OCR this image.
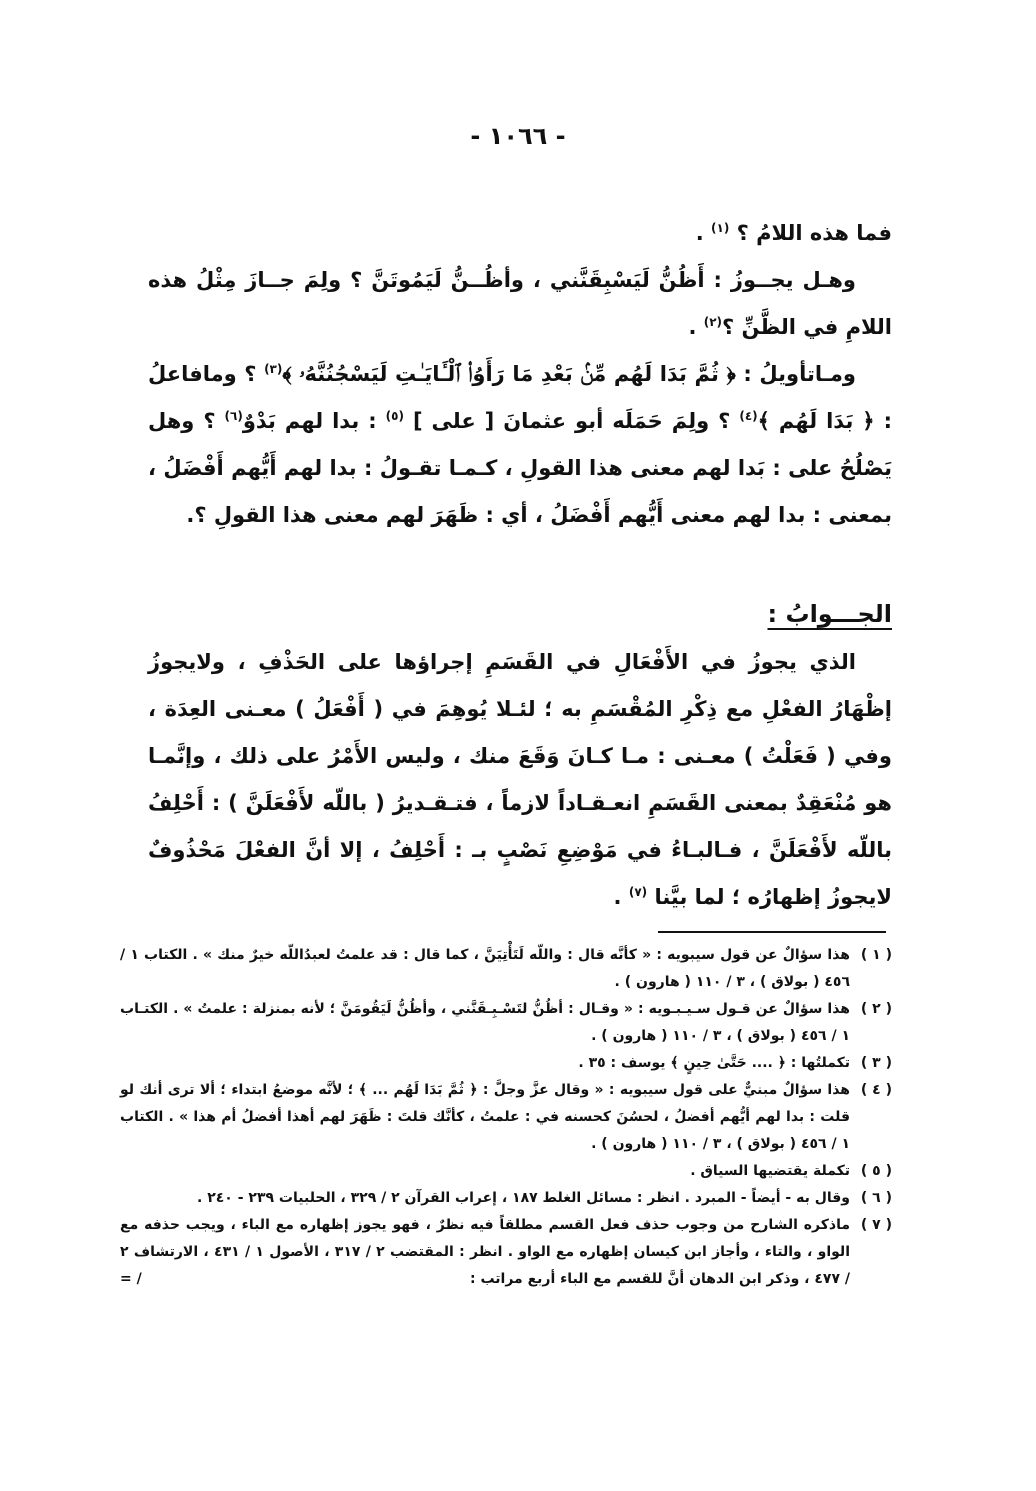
- ١٠٦٦ -

فما هذه اللامُ ؟ $^{(١)}$ .

وهـل يجــوزُ : أَظُنُّ لَيَسْبِقَنَّني ، وأظُــنُّ لَيَمُوتَنَّ ؟ ولِمَ جــازَ مِثْلُ هذه اللامِ في الظَّنِّ ؟$^{(٢)}$ .

ومـاتأويلُ : ﴿ ثُمَّ بَدَا لَهُم مِّنۢ بَعْدِ مَا رَأَوُا۟ ٱلْـَٔايَـٰتِ لَيَسْجُنُنَّهُۥ ﴾$^{(٣)}$ ؟ ومافاعلُ : ﴿ بَدَا لَهُم ﴾$^{(٤)}$ ؟ ولِمَ حَمَلَه أبو عثمانَ [ على ] $^{(٥)}$ : بدا لهم بَدْوٌ$^{(٦)}$ ؟ وهل يَصْلُحُ على : بَدا لهم معنى هذا القولِ ، كـمـا تقـولُ : بدا لهم أَيُّهم أَفْضَلُ ، بمعنى : بدا لهم معنى أَيُّهم أَفْضَلُ ، أي : ظَهَرَ لهم معنى هذا القولِ ؟.

الجـــوابُ :

الذي يجوزُ في الأَفْعَالِ في القَسَمِ إجراؤها على الحَذْفِ ، ولايجوزُ إظْهَارُ الفعْلِ مع ذِكْرِ المُقْسَمِ به ؛ لئـلا يُوهِمَ في ( أَفْعَلُ ) معـنى العِدَة ، وفي ( فَعَلْتُ ) معـنى : مـا كـانَ وَقَعَ منك ، وليس الأَمْرُ على ذلك ، وإنَّمـا هو مُنْعَقِدٌ بمعنى القَسَمِ انعـقـاداً لازماً ، فتـقـديرُ ( باللّه لأَفْعَلَنَّ ) : أَحْلِفُ باللّه لأَفْعَلَنَّ ، فـالبـاءُ في مَوْضِعِ نَصْبٍ بـ : أَحْلِفُ ، إلا أنَّ الفعْلَ مَحْذُوفٌ لايجوزُ إظهارُه ؛ لما بيَّنا $^{(٧)}$ .

( ١ )
هذا سؤالٌ عن قول سيبويه : « كأنَّه قال : واللّه لَتَأْتِيَنَّ ، كما قال : قد علمتُ لعبدُاللّه خيرٌ منك » . الكتاب ١ / ٤٥٦ ( بولاق ) ، ٣ / ١١٠ ( هارون ) .
( ٢ )
هذا سؤالٌ عن قـول سـيـبـويه : « وقـال : أظُنُّ لتَسْـبِـقَنَّني ، وأظُنُّ لَيَقُومَنَّ ؛ لأنه بمنزلة : علمتُ » . الكتـاب ١ / ٤٥٦ ( بولاق ) ، ٣ / ١١٠ ( هارون ) .
( ٣ )
تكملتُها : ﴿ .... حَتَّىٰ حِينٍ ﴾ يوسف : ٣٥ .
( ٤ )
هذا سؤالٌ مبنيٌّ على قول سيبويه : « وقال عزَّ وجلَّ : ﴿ ثُمَّ بَدَا لَهُم ... ﴾ ؛ لأنَّه موضعُ ابتداء ؛ ألا ترى أنك لو قلت : بدا لهم أيُّهم أفضلُ ، لحسُنَ كحسنه في : علمتُ ، كأنَّك قلتَ : ظَهَرَ لهم أهذا أفضلُ أم هذا » . الكتاب ١ / ٤٥٦ ( بولاق ) ، ٣ / ١١٠ ( هارون ) .
( ٥ )
تكملة يقتضيها السياق .
( ٦ )
وقال به - أيضاً - المبرد . انظر : مسائل الغلط ١٨٧ ، إعراب القرآن ٢ / ٣٢٩ ، الحلبيات ٢٣٩ - ٢٤٠ .
( ٧ )
ماذكره الشارح من وجوب حذف فعل القسم مطلقاً فيه نظرٌ ، فهو يجوز إظهاره مع الباء ، ويجب حذفه مع الواو ، والتاء ، وأجاز ابن كيسان إظهاره مع الواو . انظر : المقتضب ٢ / ٣١٧ ، الأصول ١ / ٤٣١ ، الارتشاف ٢ / ٤٧٧ ، وذكر ابن الدهان أنَّ للقسم مع الباء أربع مراتب :
= /
